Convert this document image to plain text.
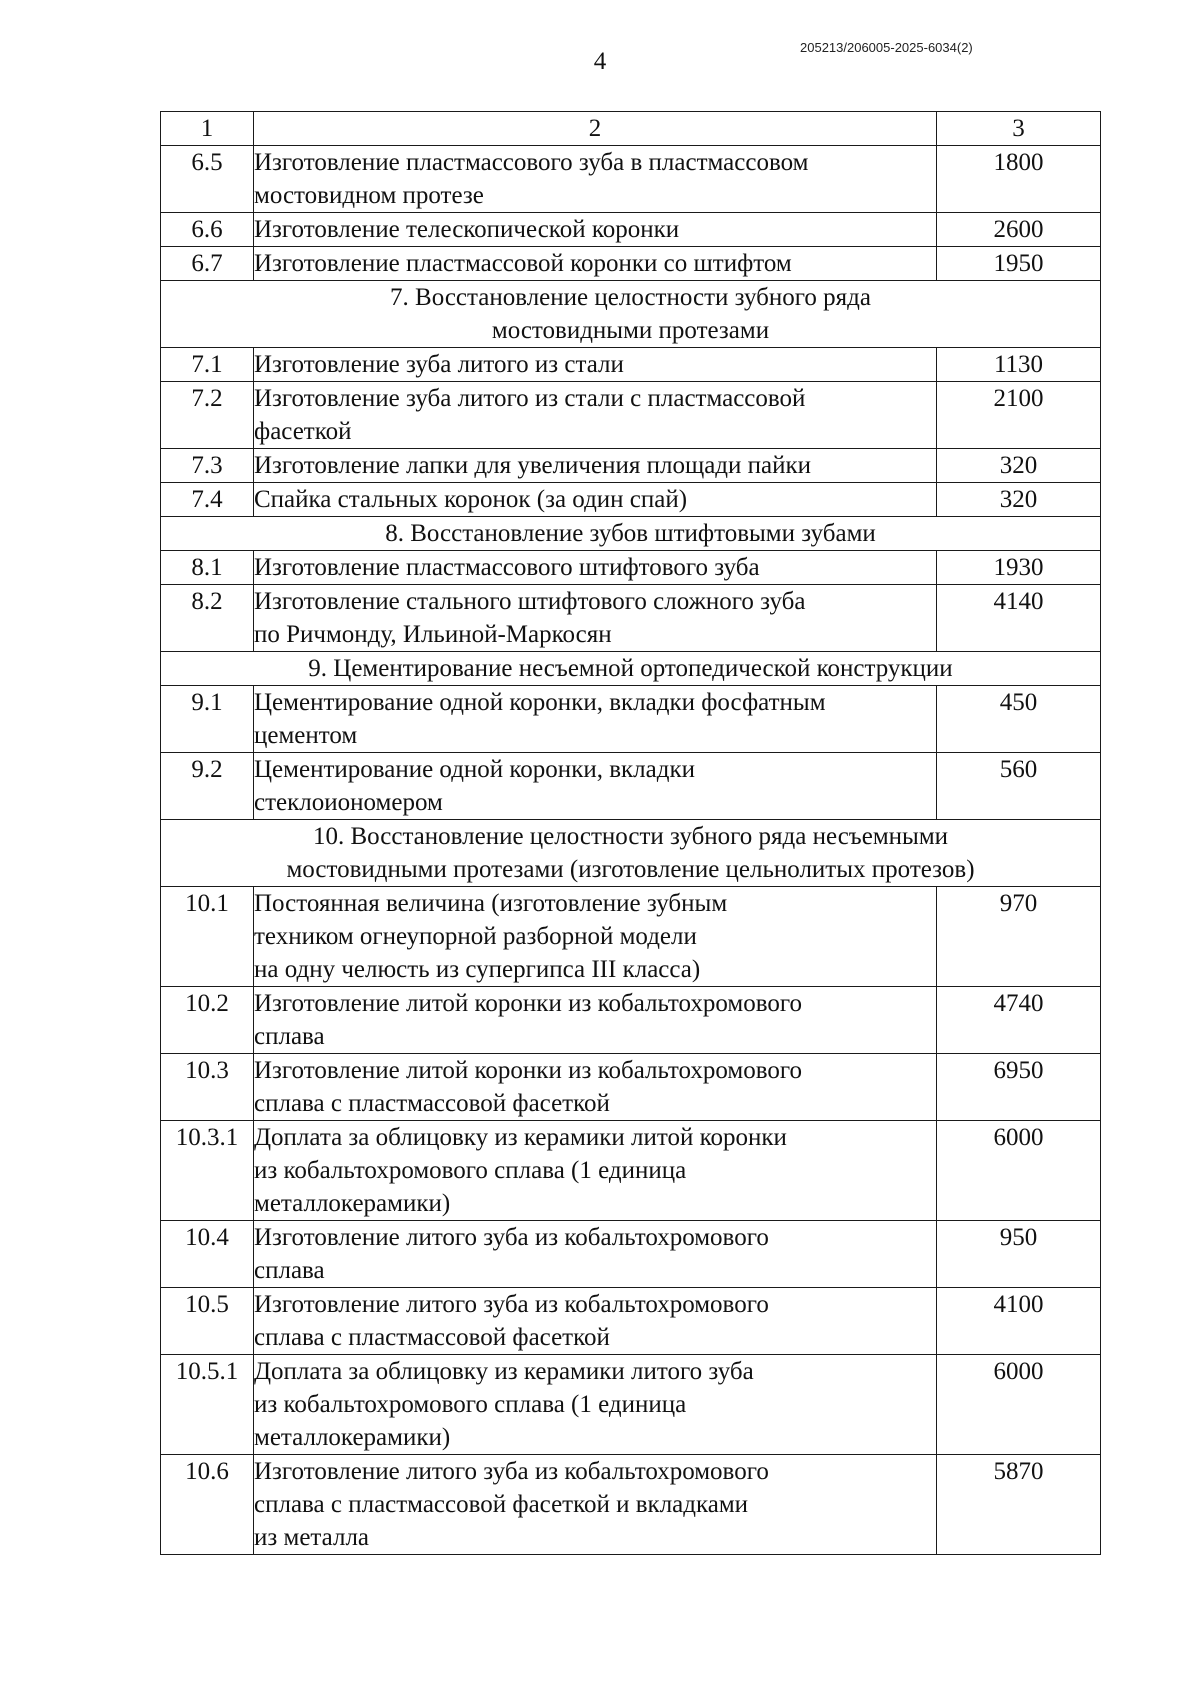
4
205213/206005-2025-6034(2)
1	2	3
6.5	Изготовление пластмассового зуба в пластмассовом
мостовидном протезе	1800
6.6	Изготовление телескопической коронки	2600
6.7	Изготовление пластмассовой коронки со штифтом	1950

7. Восстановление целостности зубного ряда
мостовидными протезами		

7.1	Изготовление зуба литого из стали	1130
7.2	Изготовление зуба литого из стали с пластмассовой
фасеткой	2100
7.3	Изготовление лапки для увеличения площади пайки	320
7.4	Спайка стальных коронок (за один спай)	320

8. Восстановление зубов штифтовыми зубами		

8.1	Изготовление пластмассового штифтового зуба	1930
8.2	Изготовление стального штифтового сложного зуба
по Ричмонду, Ильиной-Маркосян	4140

9. Цементирование несъемной ортопедической конструкции		

9.1	Цементирование одной коронки, вкладки фосфатным
цементом	450
9.2	Цементирование одной коронки, вкладки
стеклоиономером	560

10. Восстановление целостности зубного ряда несъемными
мостовидными протезами (изготовление цельнолитых протезов)		

10.1	Постоянная величина (изготовление зубным
техником огнеупорной разборной модели
на одну челюсть из супергипса III класса)	970
10.2	Изготовление литой коронки из кобальтохромового
сплава	4740
10.3	Изготовление литой коронки из кобальтохромового
сплава с пластмассовой фасеткой	6950
10.3.1	Доплата за облицовку из керамики литой коронки
из кобальтохромового сплава (1 единица
металлокерамики)	6000
10.4	Изготовление литого зуба из кобальтохромового
сплава	950
10.5	Изготовление литого зуба из кобальтохромового
сплава с пластмассовой фасеткой	4100
10.5.1	Доплата за облицовку из керамики литого зуба
из кобальтохромового сплава (1 единица
металлокерамики)	6000
10.6	Изготовление литого зуба из кобальтохромового
сплава с пластмассовой фасеткой и вкладками
из металла	5870
